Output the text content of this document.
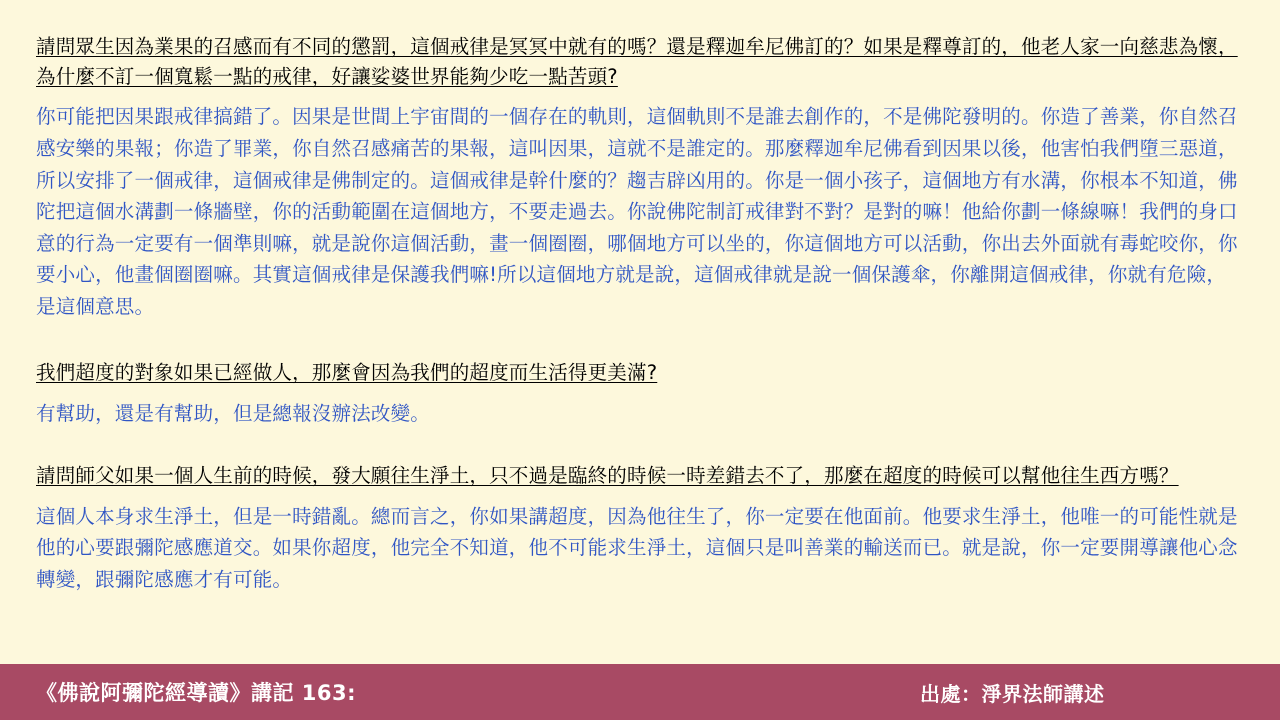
請問眾生因為業果的召感而有不同的懲罰，這個戒律是冥冥中就有的嗎？還是釋迦牟尼佛訂的？如果是釋尊訂的，他老人家一向慈悲為懷，為什麼不訂一個寬鬆一點的戒律，好讓娑婆世界能夠少吃一點苦頭?
你可能把因果跟戒律搞錯了。因果是世間上宇宙間的一個存在的軌則，這個軌則不是誰去創作的，不是佛陀發明的。你造了善業，你自然召感安樂的果報；你造了罪業，你自然召感痛苦的果報，這叫因果，這就不是誰定的。那麼釋迦牟尼佛看到因果以後，他害怕我們墮三惡道，所以安排了一個戒律，這個戒律是佛制定的。這個戒律是幹什麼的？趨吉辟凶用的。你是一個小孩子，這個地方有水溝，你根本不知道，佛陀把這個水溝劃一條牆壁，你的活動範圍在這個地方，不要走過去。你說佛陀制訂戒律對不對？是對的嘛！他給你劃一條線嘛！我們的身口意的行為一定要有一個準則嘛，就是說你這個活動，畫一個圈圈，哪個地方可以坐的，你這個地方可以活動，你出去外面就有毒蛇咬你，你要小心，他畫個圈圈嘛。其實這個戒律是保護我們嘛!所以這個地方就是說，這個戒律就是說一個保護傘，你離開這個戒律，你就有危險，是這個意思。
我們超度的對象如果已經做人，那麼會因為我們的超度而生活得更美滿?
有幫助，還是有幫助，但是總報沒辦法改變。
請問師父如果一個人生前的時候，發大願往生淨土，只不過是臨終的時候一時差錯去不了，那麼在超度的時候可以幫他往生西方嗎？
這個人本身求生淨土，但是一時錯亂。總而言之，你如果講超度，因為他往生了，你一定要在他面前。他要求生淨土，他唯一的可能性就是他的心要跟彌陀感應道交。如果你超度，他完全不知道，他不可能求生淨土，這個只是叫善業的輸送而已。就是說，你一定要開導讓他心念轉變，跟彌陀感應才有可能。
《佛說阿彌陀經導讀》講記 163:	出處：淨界法師講述
